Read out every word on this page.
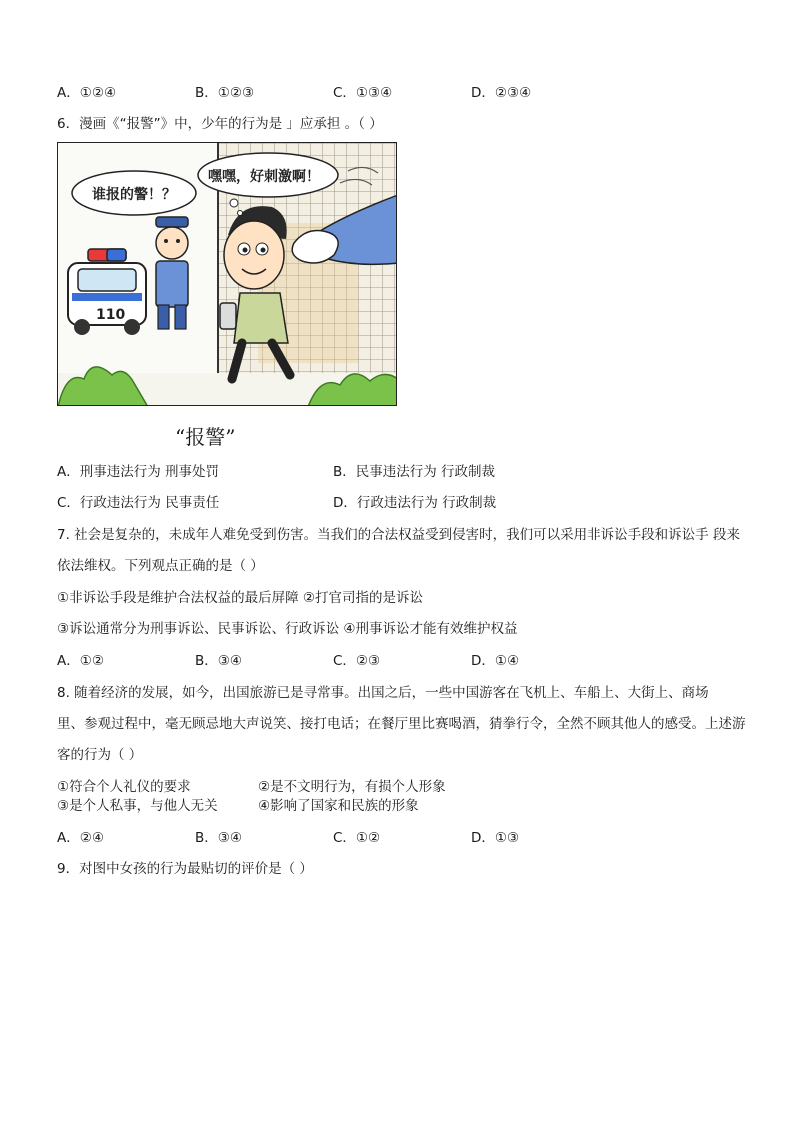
A．①②④	B．①②③	C．①③④	D．②③④
6．漫画《“报警”》中，少年的行为是 」应承担 。（ ）
110
谁报的警！？
嘿嘿，好刺激啊！
“报警”
A．刑事违法行为 刑事处罚	B．民事违法行为 行政制裁
C．行政违法行为 民事责任	D．行政违法行为 行政制裁
7. 社会是复杂的，未成年人难免受到伤害。当我们的合法权益受到侵害时，我们可以采用非诉讼手段和诉讼手 段来
依法维权。下列观点正确的是（ ）
①非诉讼手段是维护合法权益的最后屏障 ②打官司指的是诉讼
③诉讼通常分为刑事诉讼、民事诉讼、行政诉讼 ④刑事诉讼才能有效维护权益
A．①②	B．③④	C．②③	D．①④
8. 随着经济的发展，如今，出国旅游已是寻常事。出国之后，一些中国游客在飞机上、车船上、大街上、商场
里、参观过程中，毫无顾忌地大声说笑、接打电话；在餐厅里比赛喝酒，猜拳行令，全然不顾其他人的感受。上述游
客的行为（ ）
①符合个人礼仪的要求	②是不文明行为，有损个人形象
③是个人私事，与他人无关	④影响了国家和民族的形象
A．②④	B．③④	C．①②	D．①③
9．对图中女孩的行为最贴切的评价是（ ）
